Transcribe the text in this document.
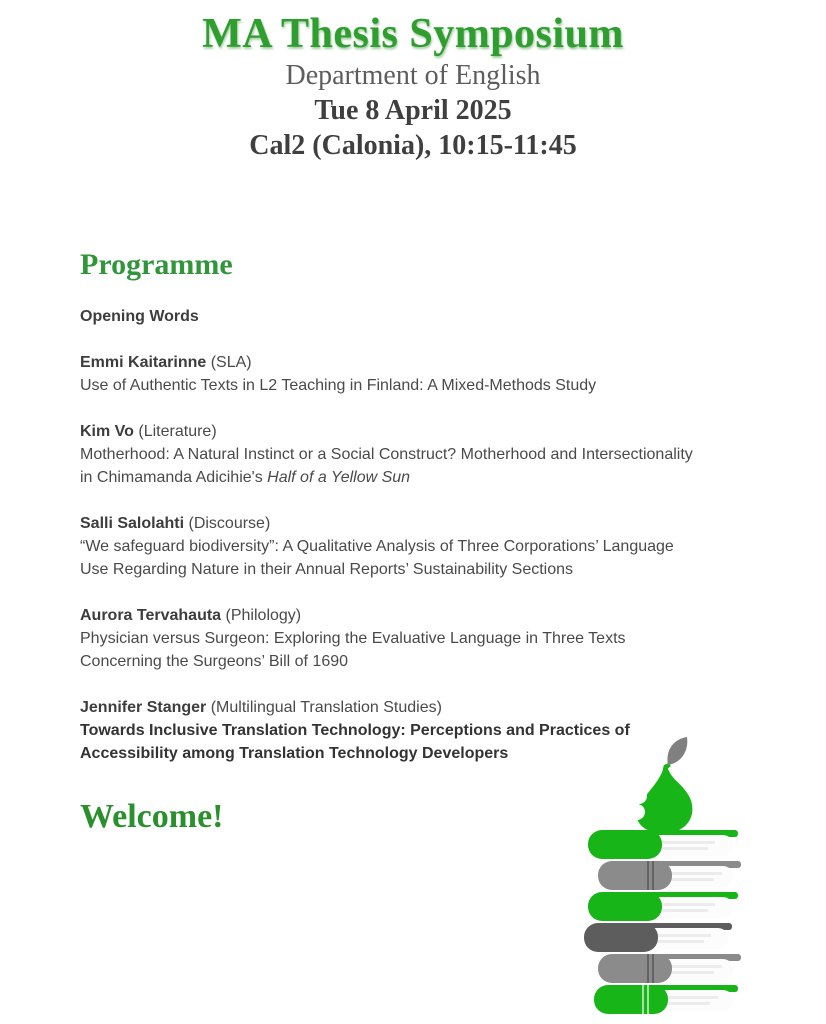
MA Thesis Symposium

Department of English

Tue 8 April 2025

Cal2 (Calonia), 10:15-11:45

Programme

Opening Words

Emmi Kaitarinne (SLA)

Use of Authentic Texts in L2 Teaching in Finland: A Mixed-Methods Study

Kim Vo (Literature)

Motherhood: A Natural Instinct or a Social Construct? Motherhood and Intersectionality in Chimamanda Adicihie's Half of a Yellow Sun

Salli Salolahti (Discourse)

“We safeguard biodiversity”: A Qualitative Analysis of Three Corporations’ Language Use Regarding Nature in their Annual Reports’ Sustainability Sections

Aurora Tervahauta (Philology)

Physician versus Surgeon: Exploring the Evaluative Language in Three Texts Concerning the Surgeons’ Bill of 1690

Jennifer Stanger (Multilingual Translation Studies)

Towards Inclusive Translation Technology: Perceptions and Practices of Accessibility among Translation Technology Developers

Welcome!
